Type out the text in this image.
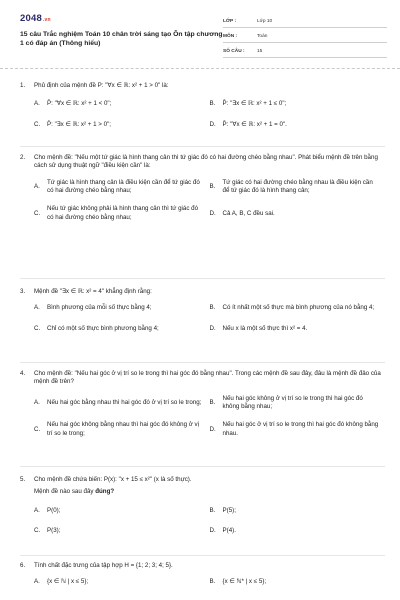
2048.vn
15 câu Trắc nghiệm Toán 10 chân trời sáng tạo Ôn tập chương 1 có đáp án (Thông hiểu)
LỚP :	Lớp 10
MÔN :	Toán
SỐ CÂU :	15
1.	Phủ định của mệnh đề P: "∀x ∈ ℝ: x² + 1 > 0" là:
A.	P̄: "∀x ∈ ℝ: x² + 1 < 0";	B.	P̄: "∃x ∈ ℝ: x² + 1 ≤ 0";
C.	P̄: "∃x ∈ ℝ: x² + 1 > 0";	D.	P̄: "∀x ∈ ℝ: x² + 1 = 0".
2.	Cho mệnh đề: "Nếu một tứ giác là hình thang cân thì tứ giác đó có hai đường chéo bằng nhau". Phát biểu mệnh đề trên bằng cách sử dụng thuật ngữ "điều kiện cần" là:
A.
Tứ giác là hình thang cân là điều kiện cần để tứ giác đó có hai đường chéo bằng nhau;
B.
Tứ giác có hai đường chéo bằng nhau là điều kiện cần để tứ giác đó là hình thang cân;
C.
Nếu tứ giác không phải là hình thang cân thì tứ giác đó có hai đường chéo bằng nhau;
D.	Cả A, B, C đều sai.
3.	Mệnh đề "∃x ∈ ℝ: x² = 4" khẳng định rằng:
A.	Bình phương của mỗi số thực bằng 4;	B.	Có ít nhất một số thực mà bình phương của nó bằng 4;
C.	Chỉ có một số thực bình phương bằng 4;	D.	Nếu x là một số thực thì x² = 4.
4.	Cho mệnh đề: "Nếu hai góc ở vị trí so le trong thì hai góc đó bằng nhau". Trong các mệnh đề sau đây, đâu là mệnh đề đảo của mệnh đề trên?
A.	Nếu hai góc bằng nhau thì hai góc đó ở vị trí so le trong;	B.
Nếu hai góc không ở vị trí so le trong thì hai góc đó không bằng nhau;
C.
Nếu hai góc không bằng nhau thì hai góc đó không ở vị trí so le trong;
D.
Nếu hai góc ở vị trí so le trong thì hai góc đó không bằng nhau.
5.	Cho mệnh đề chứa biến: P(x): "x + 15 ≤ x²" (x là số thực).
Mệnh đề nào sau đây đúng?
A.	P(0);	B.	P(5);
C.	P(3);	D.	P(4).
6.	Tính chất đặc trưng của tập hợp H = {1; 2; 3; 4; 5}.
A.	{x ∈ ℕ | x ≤ 5};	B.	{x ∈ ℕ* | x ≤ 5};
